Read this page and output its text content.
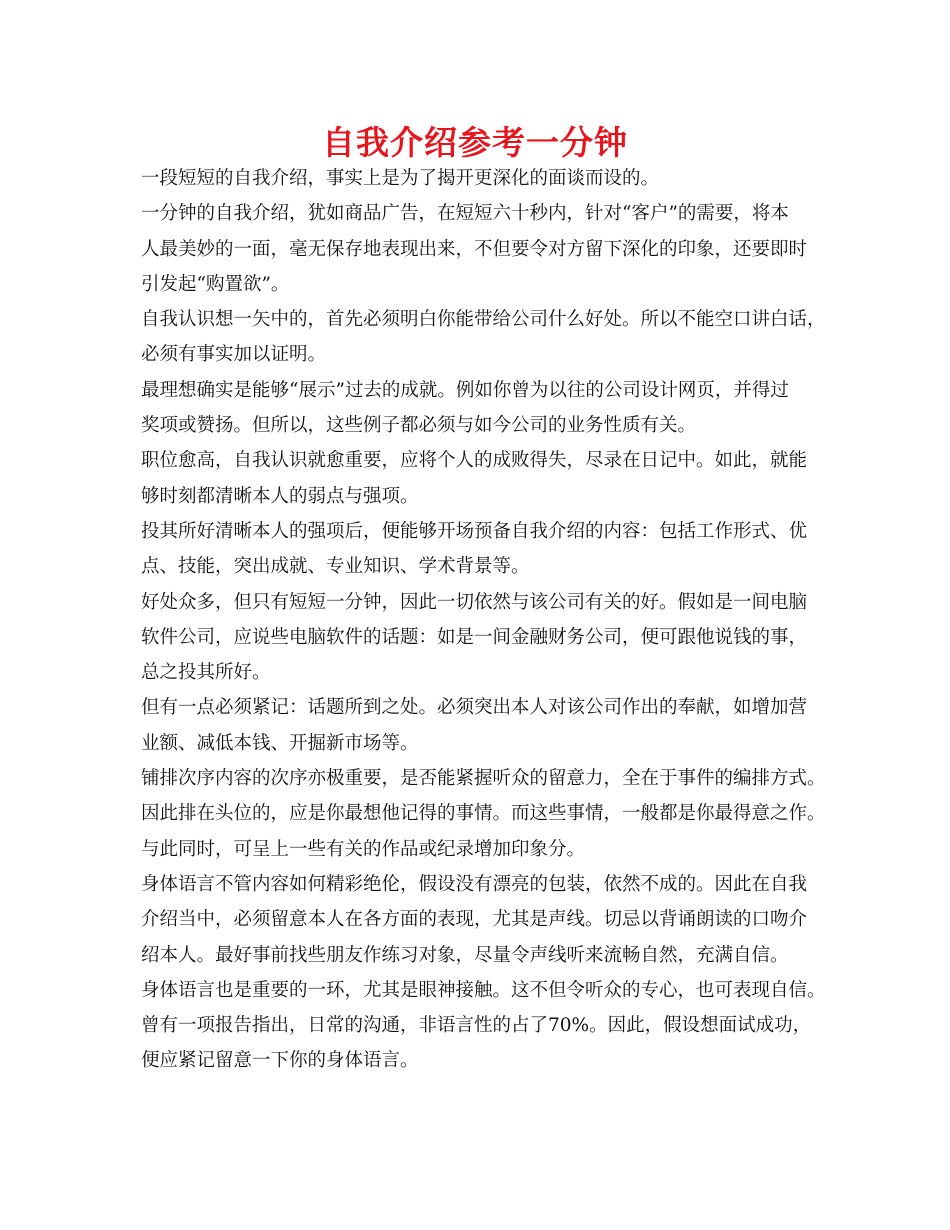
自我介绍参考一分钟
一段短短的自我介绍，事实上是为了揭开更深化的面谈而设的。
一分钟的自我介绍，犹如商品广告，在短短六十秒内，针对“客户”的需要，将本
人最美妙的一面，毫无保存地表现出来，不但要令对方留下深化的印象，还要即时
引发起“购置欲”。
自我认识想一矢中的，首先必须明白你能带给公司什么好处。所以不能空口讲白话，
必须有事实加以证明。
最理想确实是能够“展示”过去的成就。例如你曾为以往的公司设计网页，并得过
奖项或赞扬。但所以，这些例子都必须与如今公司的业务性质有关。
职位愈高，自我认识就愈重要，应将个人的成败得失，尽录在日记中。如此，就能
够时刻都清晰本人的弱点与强项。
投其所好清晰本人的强项后，便能够开场预备自我介绍的内容：包括工作形式、优
点、技能，突出成就、专业知识、学术背景等。
好处众多，但只有短短一分钟，因此一切依然与该公司有关的好。假如是一间电脑
软件公司，应说些电脑软件的话题：如是一间金融财务公司，便可跟他说钱的事，
总之投其所好。
但有一点必须紧记：话题所到之处。必须突出本人对该公司作出的奉献，如增加营
业额、减低本钱、开掘新市场等。
铺排次序内容的次序亦极重要，是否能紧握听众的留意力，全在于事件的编排方式。
因此排在头位的，应是你最想他记得的事情。而这些事情，一般都是你最得意之作。
与此同时，可呈上一些有关的作品或纪录增加印象分。
身体语言不管内容如何精彩绝伦，假设没有漂亮的包装，依然不成的。因此在自我
介绍当中，必须留意本人在各方面的表现，尤其是声线。切忌以背诵朗读的口吻介
绍本人。最好事前找些朋友作练习对象，尽量令声线听来流畅自然，充满自信。
身体语言也是重要的一环，尤其是眼神接触。这不但令听众的专心，也可表现自信。
曾有一项报告指出，日常的沟通，非语言性的占了70%。因此，假设想面试成功，
便应紧记留意一下你的身体语言。
